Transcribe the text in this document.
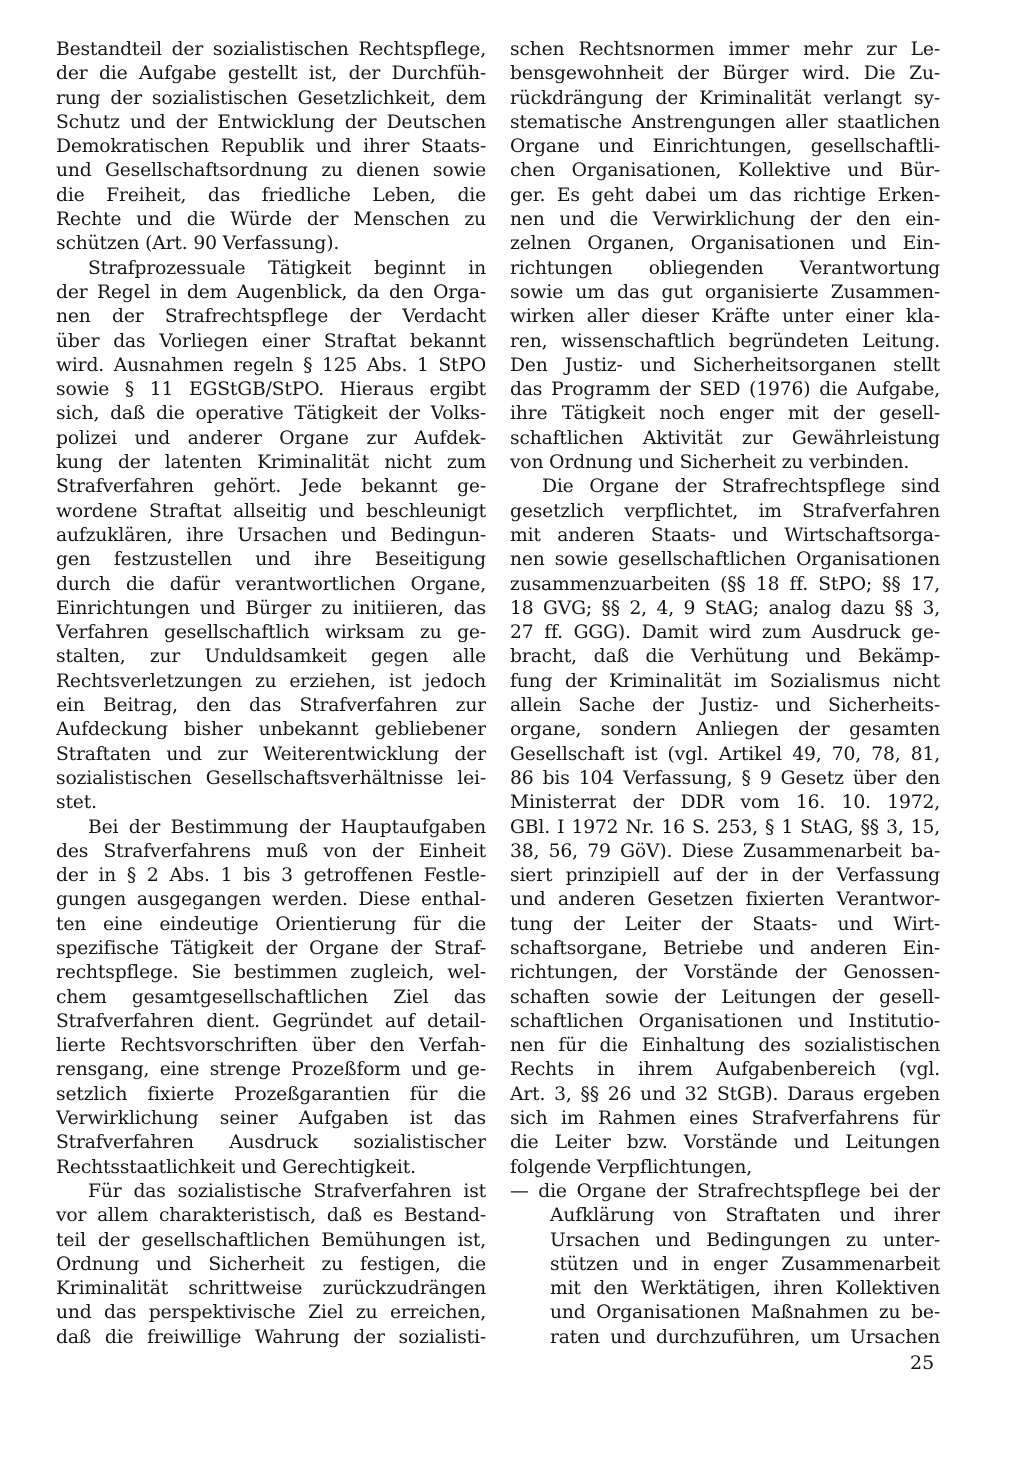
Bestandteil der sozialistischen Rechtspflege,
der die Aufgabe gestellt ist, der Durchfüh-
rung der sozialistischen Gesetzlichkeit, dem
Schutz und der Entwicklung der Deutschen
Demokratischen Republik und ihrer Staats-
und Gesellschaftsordnung zu dienen sowie
die Freiheit, das friedliche Leben, die
Rechte und die Würde der Menschen zu
schützen (Art. 90 Verfassung).
Strafprozessuale Tätigkeit beginnt in
der Regel in dem Augenblick, da den Orga-
nen der Strafrechtspflege der Verdacht
über das Vorliegen einer Straftat bekannt
wird. Ausnahmen regeln § 125 Abs. 1 StPO
sowie § 11 EGStGB/StPO. Hieraus ergibt
sich, daß die operative Tätigkeit der Volks-
polizei und anderer Organe zur Aufdek-
kung der latenten Kriminalität nicht zum
Strafverfahren gehört. Jede bekannt ge-
wordene Straftat allseitig und beschleunigt
aufzuklären, ihre Ursachen und Bedingun-
gen festzustellen und ihre Beseitigung
durch die dafür verantwortlichen Organe,
Einrichtungen und Bürger zu initiieren, das
Verfahren gesellschaftlich wirksam zu ge-
stalten, zur Unduldsamkeit gegen alle
Rechtsverletzungen zu erziehen, ist jedoch
ein Beitrag, den das Strafverfahren zur
Aufdeckung bisher unbekannt gebliebener
Straftaten und zur Weiterentwicklung der
sozialistischen Gesellschaftsverhältnisse lei-
stet.
Bei der Bestimmung der Hauptaufgaben
des Strafverfahrens muß von der Einheit
der in § 2 Abs. 1 bis 3 getroffenen Festle-
gungen ausgegangen werden. Diese enthal-
ten eine eindeutige Orientierung für die
spezifische Tätigkeit der Organe der Straf-
rechtspflege. Sie bestimmen zugleich, wel-
chem gesamtgesellschaftlichen Ziel das
Strafverfahren dient. Gegründet auf detail-
lierte Rechtsvorschriften über den Verfah-
rensgang, eine strenge Prozeßform und ge-
setzlich fixierte Prozeßgarantien für die
Verwirklichung seiner Aufgaben ist das
Strafverfahren Ausdruck sozialistischer
Rechtsstaatlichkeit und Gerechtigkeit.
Für das sozialistische Strafverfahren ist
vor allem charakteristisch, daß es Bestand-
teil der gesellschaftlichen Bemühungen ist,
Ordnung und Sicherheit zu festigen, die
Kriminalität schrittweise zurückzudrängen
und das perspektivische Ziel zu erreichen,
daß die freiwillige Wahrung der sozialisti-
schen Rechtsnormen immer mehr zur Le-
bensgewohnheit der Bürger wird. Die Zu-
rückdrängung der Kriminalität verlangt sy-
stematische Anstrengungen aller staatlichen
Organe und Einrichtungen, gesellschaftli-
chen Organisationen, Kollektive und Bür-
ger. Es geht dabei um das richtige Erken-
nen und die Verwirklichung der den ein-
zelnen Organen, Organisationen und Ein-
richtungen obliegenden Verantwortung
sowie um das gut organisierte Zusammen-
wirken aller dieser Kräfte unter einer kla-
ren, wissenschaftlich begründeten Leitung.
Den Justiz- und Sicherheitsorganen stellt
das Programm der SED (1976) die Aufgabe,
ihre Tätigkeit noch enger mit der gesell-
schaftlichen Aktivität zur Gewährleistung
von Ordnung und Sicherheit zu verbinden.
Die Organe der Strafrechtspflege sind
gesetzlich verpflichtet, im Strafverfahren
mit anderen Staats- und Wirtschaftsorga-
nen sowie gesellschaftlichen Organisationen
zusammenzuarbeiten (§§ 18 ff. StPO; §§ 17,
18 GVG; §§ 2, 4, 9 StAG; analog dazu §§ 3,
27 ff. GGG). Damit wird zum Ausdruck ge-
bracht, daß die Verhütung und Bekämp-
fung der Kriminalität im Sozialismus nicht
allein Sache der Justiz- und Sicherheits-
organe, sondern Anliegen der gesamten
Gesellschaft ist (vgl. Artikel 49, 70, 78, 81,
86 bis 104 Verfassung, § 9 Gesetz über den
Ministerrat der DDR vom 16. 10. 1972,
GBl. I 1972 Nr. 16 S. 253, § 1 StAG, §§ 3, 15,
38, 56, 79 GöV). Diese Zusammenarbeit ba-
siert prinzipiell auf der in der Verfassung
und anderen Gesetzen fixierten Verantwor-
tung der Leiter der Staats- und Wirt-
schaftsorgane, Betriebe und anderen Ein-
richtungen, der Vorstände der Genossen-
schaften sowie der Leitungen der gesell-
schaftlichen Organisationen und Institutio-
nen für die Einhaltung des sozialistischen
Rechts in ihrem Aufgabenbereich (vgl.
Art. 3, §§ 26 und 32 StGB). Daraus ergeben
sich im Rahmen eines Strafverfahrens für
die Leiter bzw. Vorstände und Leitungen
folgende Verpflichtungen,
— die Organe der Strafrechtspflege bei der
Aufklärung von Straftaten und ihrer
Ursachen und Bedingungen zu unter-
stützen und in enger Zusammenarbeit
mit den Werktätigen, ihren Kollektiven
und Organisationen Maßnahmen zu be-
raten und durchzuführen, um Ursachen
25
